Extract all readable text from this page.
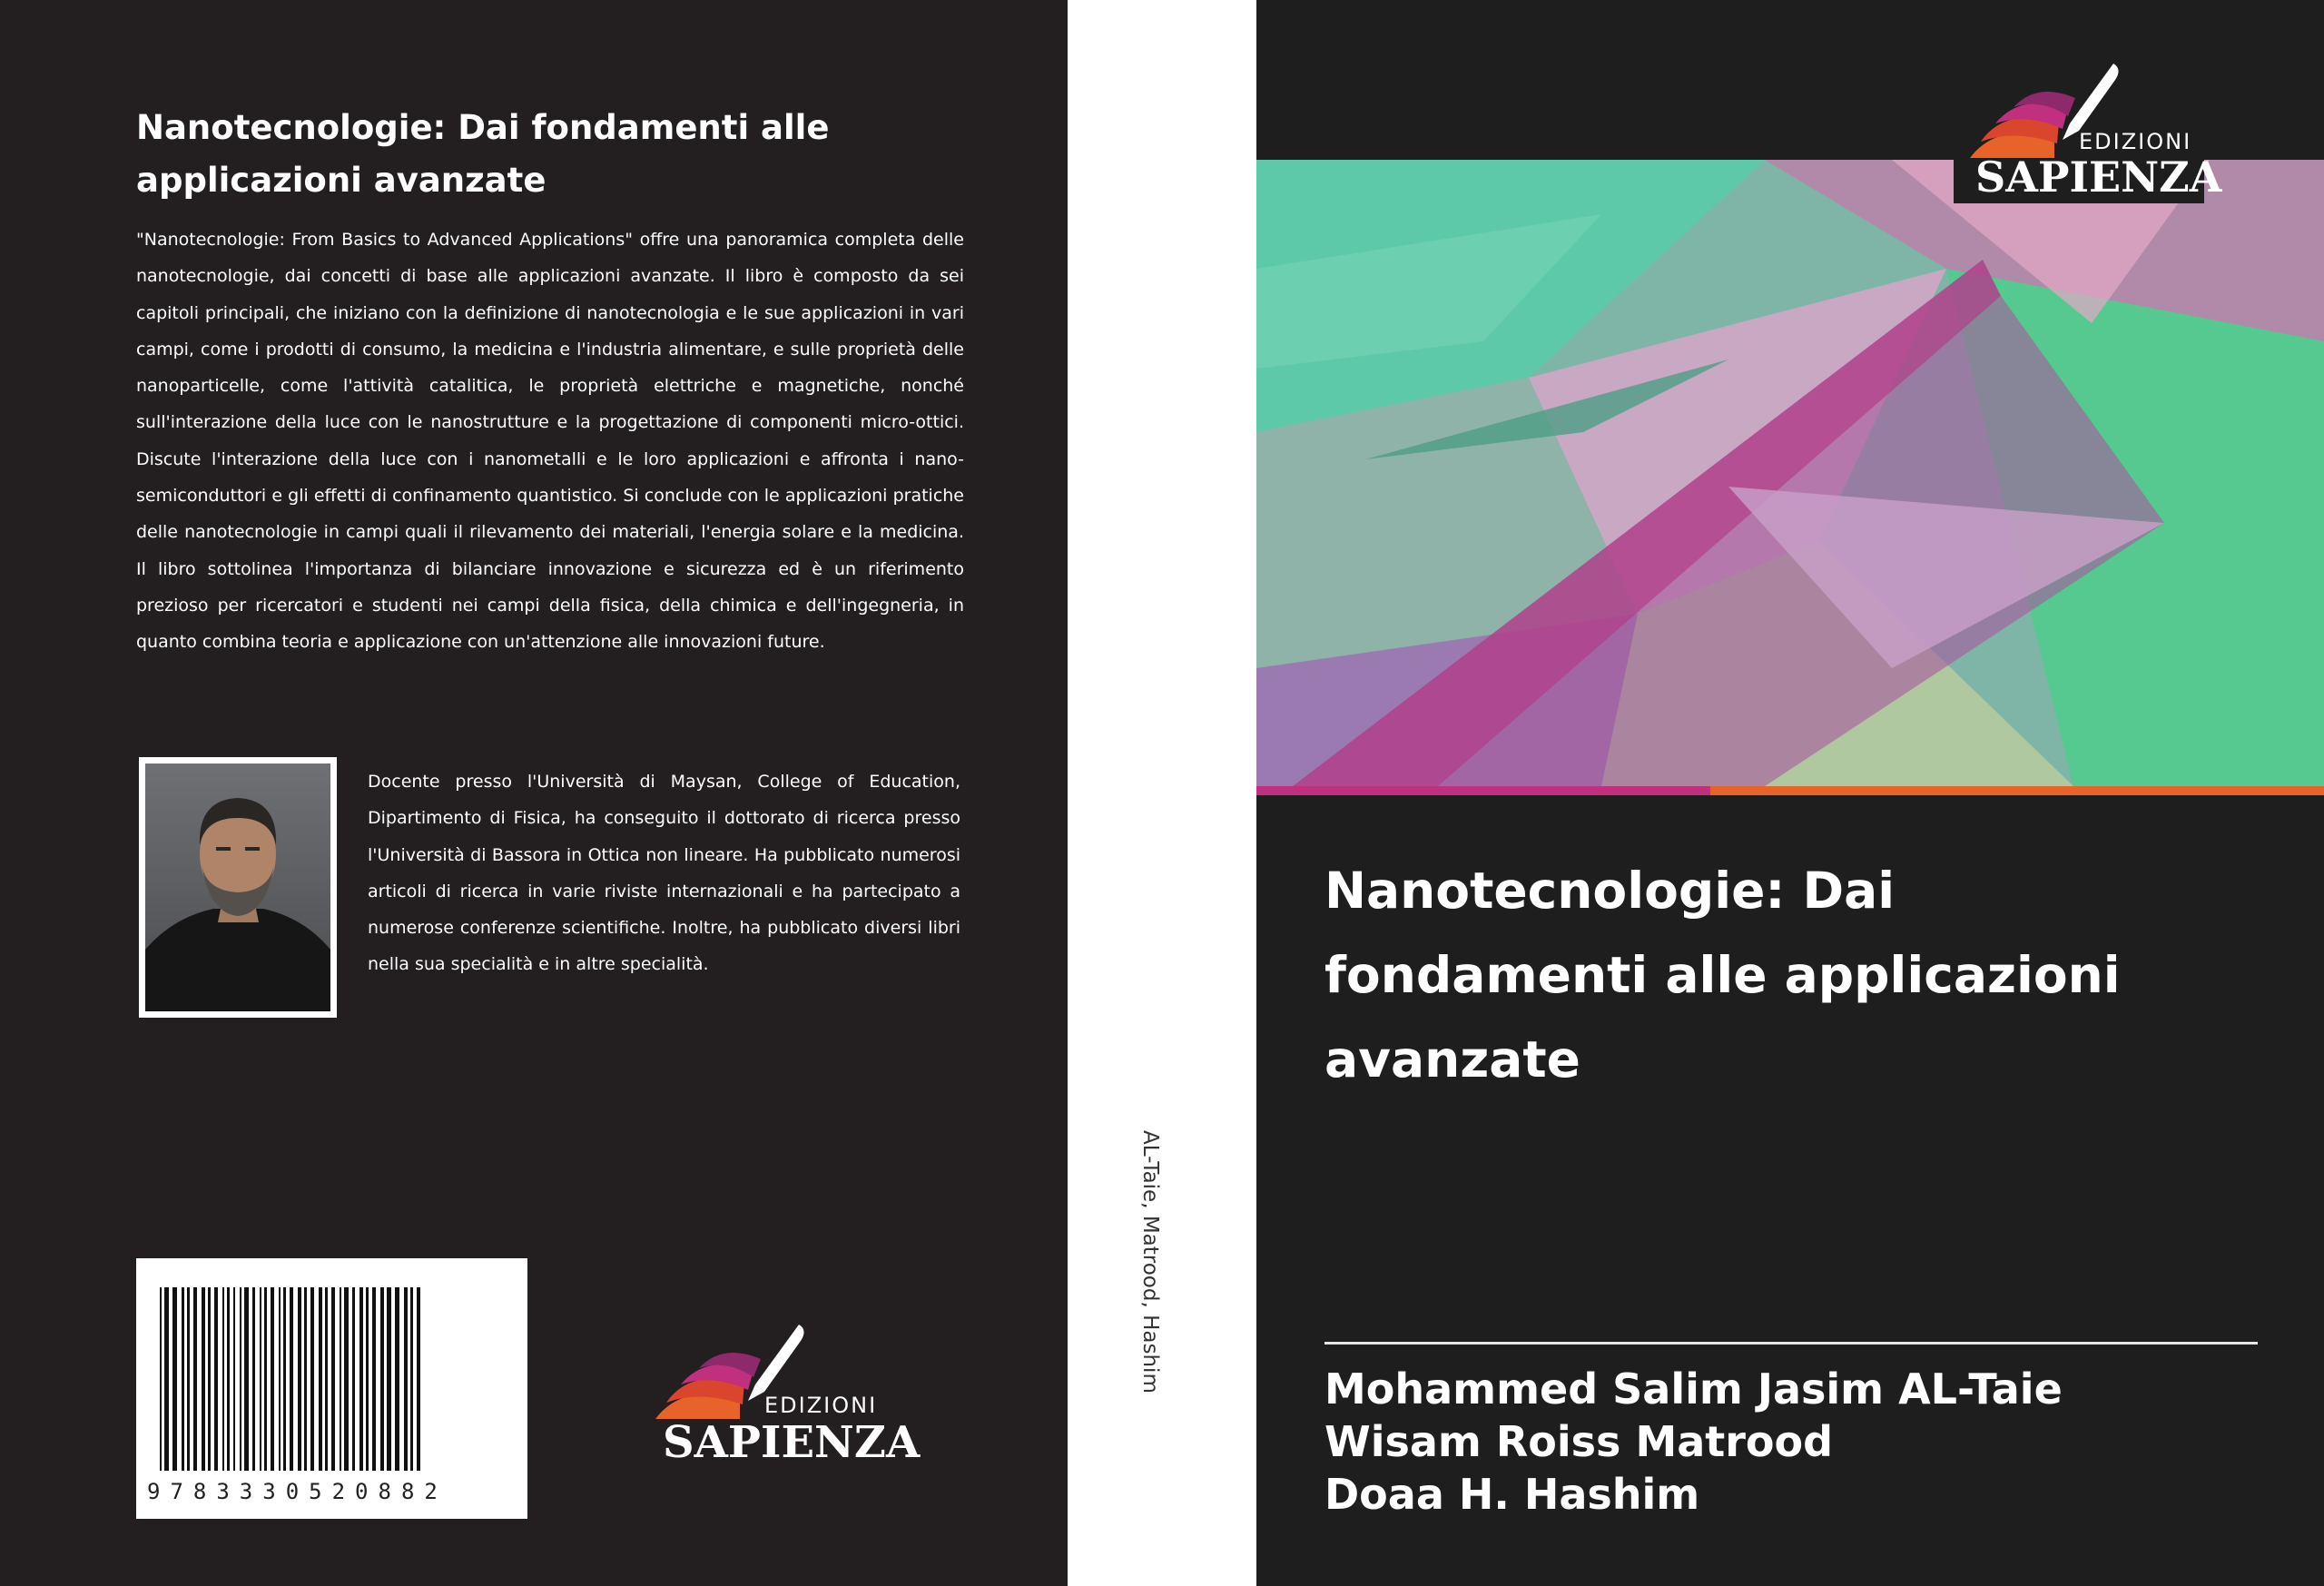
Nanotecnologie: Dai fondamenti alle
applicazioni avanzate
"Nanotecnologie: From Basics to Advanced Applications" offre una panoramica completa delle nanotecnologie, dai concetti di base alle applicazioni avanzate. Il libro è composto da sei capitoli principali, che iniziano con la definizione di nanotecnologia e le sue applicazioni in vari campi, come i prodotti di consumo, la medicina e l'industria alimentare, e sulle proprietà delle nanoparticelle, come l'attività catalitica, le proprietà elettriche e magnetiche, nonché sull'interazione della luce con le nanostrutture e la progettazione di componenti micro-ottici. Discute l'interazione della luce con i nanometalli e le loro applicazioni e affronta i nano-semiconduttori e gli effetti di confinamento quantistico. Si conclude con le applicazioni pratiche delle nanotecnologie in campi quali il rilevamento dei materiali, l'energia solare e la medicina. Il libro sottolinea l'importanza di bilanciare innovazione e sicurezza ed è un riferimento prezioso per ricercatori e studenti nei campi della fisica, della chimica e dell'ingegneria, in quanto combina teoria e applicazione con un'attenzione alle innovazioni future.
Docente presso l'Università di Maysan, College of Education, Dipartimento di Fisica, ha conseguito il dottorato di ricerca presso l'Università di Bassora in Ottica non lineare. Ha pubblicato numerosi articoli di ricerca in varie riviste internazionali e ha partecipato a numerose conferenze scientifiche. Inoltre, ha pubblicato diversi libri nella sua specialità e in altre specialità.
9783330520882
EDIZIONI
SAPIENZA
AL-Taie, Matrood, Hashim
EDIZIONI
SAPIENZA
Nanotecnologie: Dai
fondamenti alle applicazioni
avanzate
Mohammed Salim Jasim AL-Taie
Wisam Roiss Matrood
Doaa H. Hashim
